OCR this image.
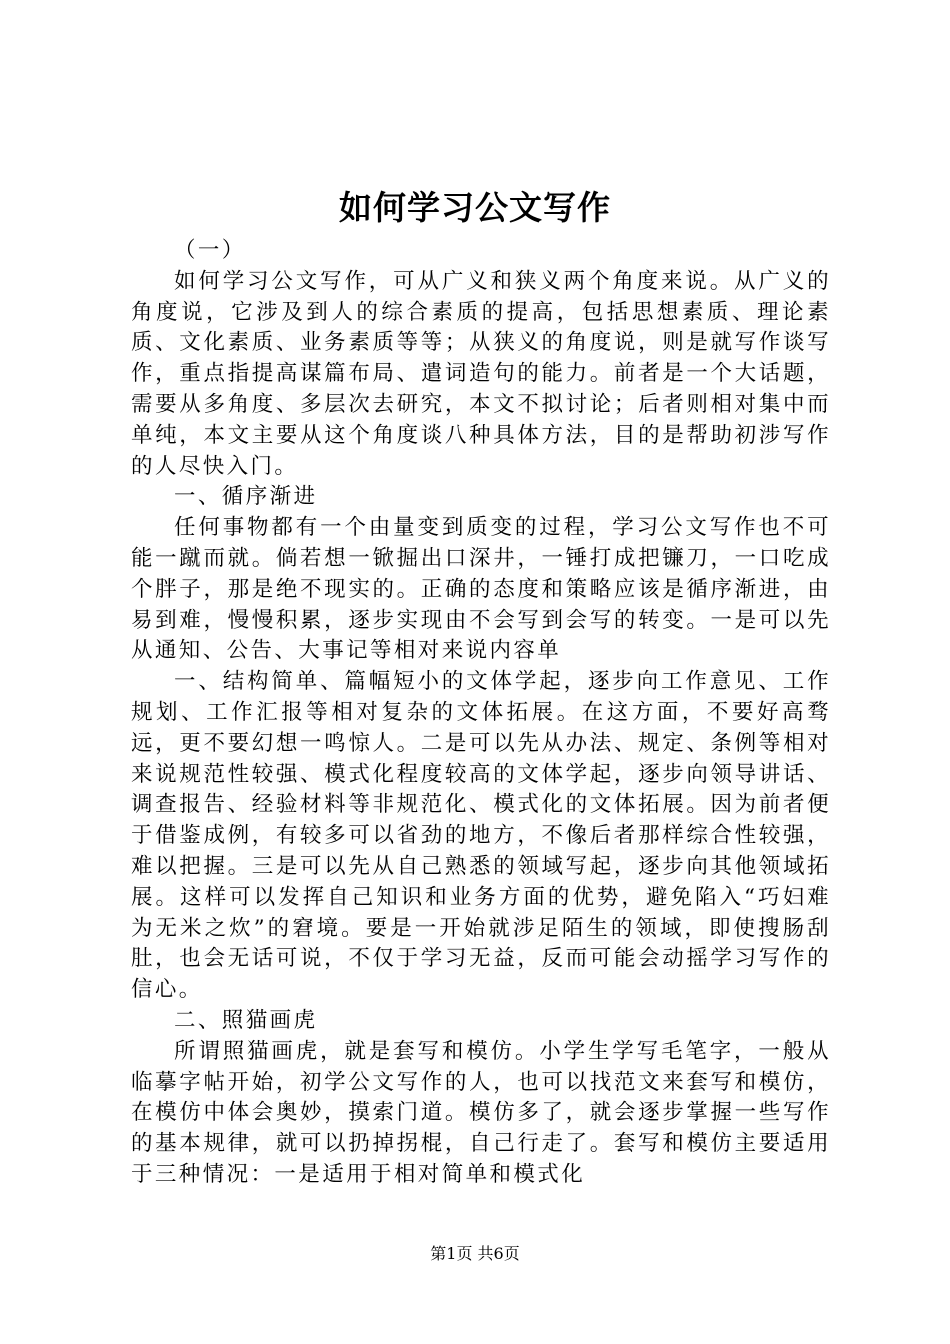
如何学习公文写作

（一）

如何学习公文写作，可从广义和狭义两个角度来说。从广义的角度说，它涉及到人的综合素质的提高，包括思想素质、理论素质、文化素质、业务素质等等；从狭义的角度说，则是就写作谈写作，重点指提高谋篇布局、遣词造句的能力。前者是一个大话题，需要从多角度、多层次去研究，本文不拟讨论；后者则相对集中而单纯，本文主要从这个角度谈八种具体方法，目的是帮助初涉写作的人尽快入门。

一、循序渐进

任何事物都有一个由量变到质变的过程，学习公文写作也不可能一蹴而就。倘若想一锨掘出口深井，一锤打成把镰刀，一口吃成个胖子，那是绝不现实的。正确的态度和策略应该是循序渐进，由易到难，慢慢积累，逐步实现由不会写到会写的转变。一是可以先从通知、公告、大事记等相对来说内容单

一、结构简单、篇幅短小的文体学起，逐步向工作意见、工作规划、工作汇报等相对复杂的文体拓展。在这方面，不要好高骛远，更不要幻想一鸣惊人。二是可以先从办法、规定、条例等相对来说规范性较强、模式化程度较高的文体学起，逐步向领导讲话、调查报告、经验材料等非规范化、模式化的文体拓展。因为前者便于借鉴成例，有较多可以省劲的地方，不像后者那样综合性较强，难以把握。三是可以先从自己熟悉的领域写起，逐步向其他领域拓展。这样可以发挥自己知识和业务方面的优势，避免陷入“巧妇难为无米之炊”的窘境。要是一开始就涉足陌生的领域，即使搜肠刮肚，也会无话可说，不仅于学习无益，反而可能会动摇学习写作的信心。

二、照猫画虎

所谓照猫画虎，就是套写和模仿。小学生学写毛笔字，一般从临摹字帖开始，初学公文写作的人，也可以找范文来套写和模仿，在模仿中体会奥妙，摸索门道。模仿多了，就会逐步掌握一些写作的基本规律，就可以扔掉拐棍，自己行走了。套写和模仿主要适用于三种情况：一是适用于相对简单和模式化

第1页 共6页
